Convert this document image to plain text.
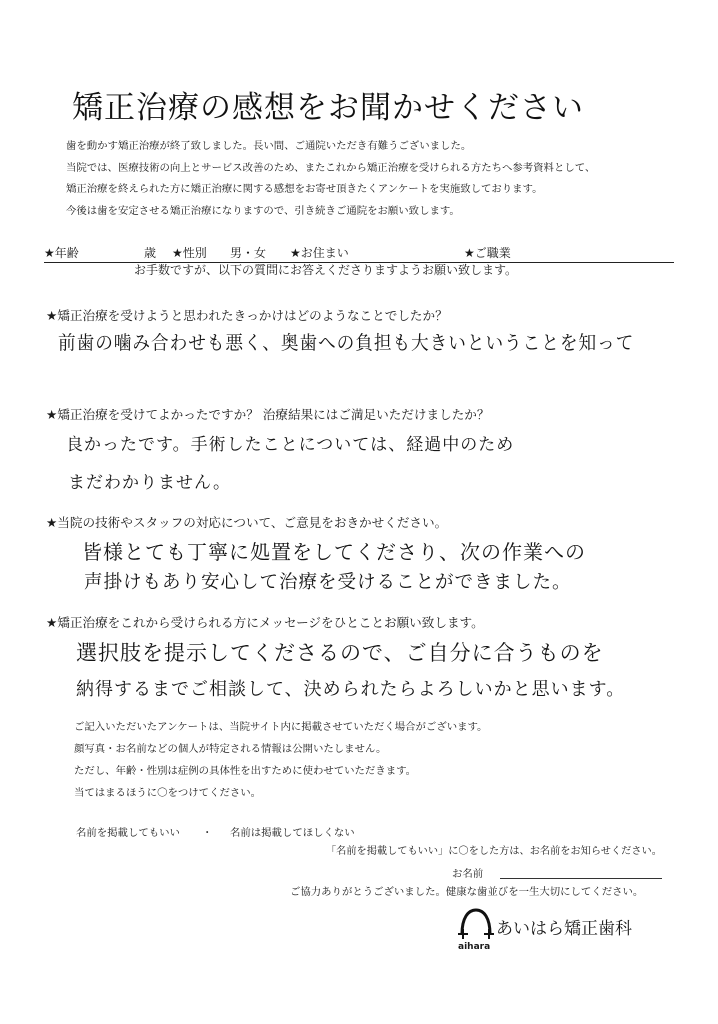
矯正治療の感想をお聞かせください
歯を動かす矯正治療が終了致しました。長い間、ご通院いただき有難うございました。
当院では、医療技術の向上とサービス改善のため、またこれから矯正治療を受けられる方たちへ参考資料として、
矯正治療を終えられた方に矯正治療に関する感想をお寄せ頂きたくアンケートを実施致しております。
今後は歯を安定させる矯正治療になりますので、引き続きご通院をお願い致します。
★年齢	歳 ★性別 男・女 ★お住まい	★ご職業
お手数ですが、以下の質問にお答えくださりますようお願い致します。
★矯正治療を受けようと思われたきっかけはどのようなことでしたか？
前歯の噛み合わせも悪く、奥歯への負担も大きいということを知って
★矯正治療を受けてよかったですか？ 治療結果にはご満足いただけましたか？
良かったです。手術したことについては、経過中のため
まだわかりません。
★当院の技術やスタッフの対応について、ご意見をおきかせください。
皆様とても丁寧に処置をしてくださり、次の作業への
声掛けもあり安心して治療を受けることができました。
★矯正治療をこれから受けられる方にメッセージをひとことお願い致します。
選択肢を提示してくださるので、ご自分に合うものを
納得するまでご相談して、決められたらよろしいかと思います。
ご記入いただいたアンケートは、当院サイト内に掲載させていただく場合がございます。
顔写真・お名前などの個人が特定される情報は公開いたしません。
ただし、年齢・性別は症例の具体性を出すために使わせていただきます。
当てはまるほうに〇をつけてください。
名前を掲載してもいい ・ 名前は掲載してほしくない
「名前を掲載してもいい」に〇をした方は、お名前をお知らせください。
お名前
ご協力ありがとうございました。健康な歯並びを一生大切にしてください。
aihara
あいはら矯正歯科
